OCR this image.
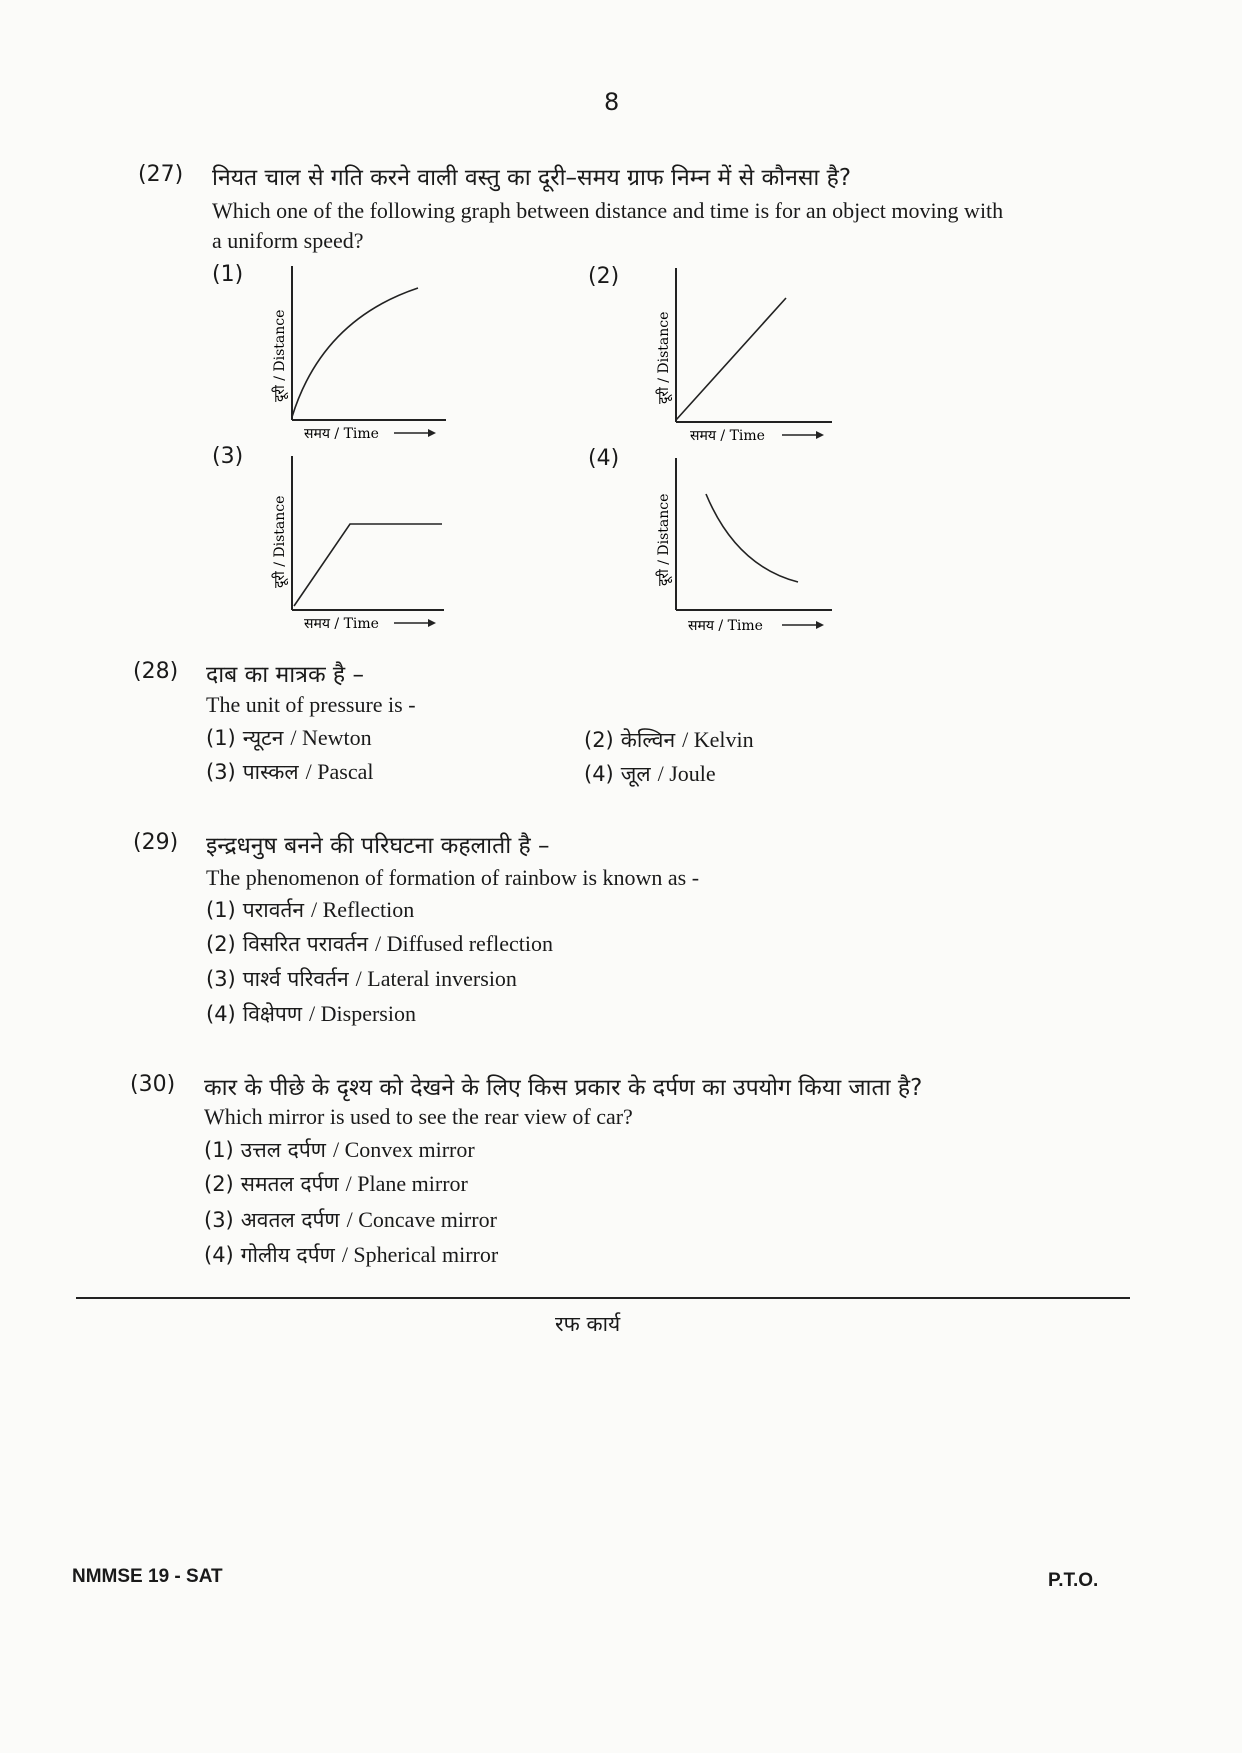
8
(27) नियत चाल से गति करने वाली वस्तु का दूरी–समय ग्राफ निम्न में से कौनसा है?
Which one of the following graph between distance and time is for an object moving with
a uniform speed?
(1)
दूरी / Distance
समय / Time
(2)
दूरी / Distance
समय / Time
(3)
दूरी / Distance
समय / Time
(4)
दूरी / Distance
समय / Time
(28) दाब का मात्रक है –
The unit of pressure is -
(1) न्यूटन / Newton	(2) केल्विन / Kelvin
(3) पास्कल / Pascal	(4) जूल / Joule
(29) इन्द्रधनुष बनने की परिघटना कहलाती है –
The phenomenon of formation of rainbow is known as -
(1) परावर्तन / Reflection
(2) विसरित परावर्तन / Diffused reflection
(3) पार्श्व परिवर्तन / Lateral inversion
(4) विक्षेपण / Dispersion
(30) कार के पीछे के दृश्य को देखने के लिए किस प्रकार के दर्पण का उपयोग किया जाता है?
Which mirror is used to see the rear view of car?
(1) उत्तल दर्पण / Convex mirror
(2) समतल दर्पण / Plane mirror
(3) अवतल दर्पण / Concave mirror
(4) गोलीय दर्पण / Spherical mirror
रफ कार्य
NMMSE 19 - SAT	P.T.O.
